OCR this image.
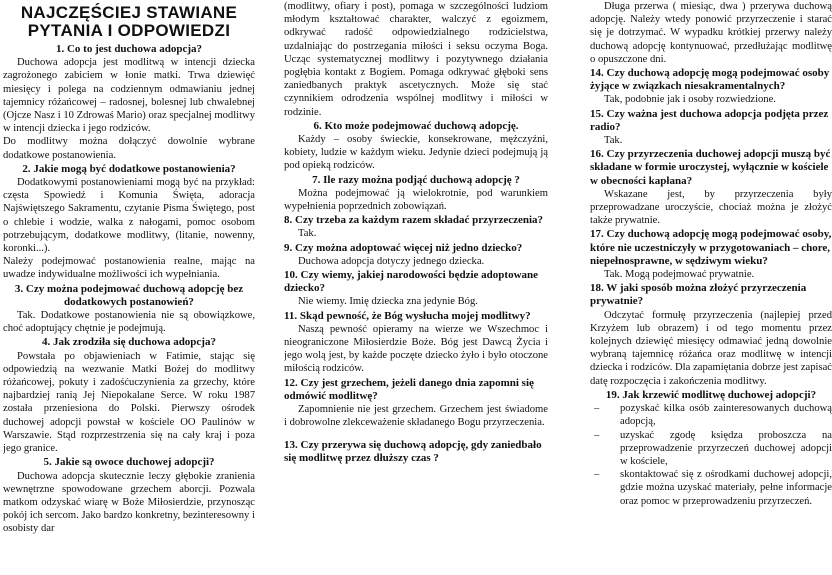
NAJCZĘŚCIEJ STAWIANE
PYTANIA I ODPOWIEDZI

1. Co to jest duchowa adopcja?

Duchowa adopcja jest modlitwą w intencji dziecka zagrożonego zabiciem w łonie matki. Trwa dziewięć miesięcy i polega na codziennym odmawianiu jednej tajemnicy różańcowej – radosnej, bolesnej lub chwalebnej (Ojcze Nasz i 10 Zdrowaś Mario) oraz specjalnej modlitwy w intencji dziecka i jego rodziców.

Do modlitwy można dołączyć dowolnie wybrane dodatkowe postanowienia.

2. Jakie mogą być dodatkowe postanowienia?

Dodatkowymi postanowieniami mogą być na przykład: częsta Spowiedź i Komunia Święta, adoracja Najświętszego Sakramentu, czytanie Pisma Świętego, post o chlebie i wodzie, walka z nałogami, pomoc osobom potrzebującym, dodatkowe modlitwy, (litanie, nowenny, koronki...).

Należy podejmować postanowienia realne, mając na uwadze indywidualne możliwości ich wypełniania.

3. Czy można podejmować duchową adopcję bez dodatkowych postanowień?

Tak. Dodatkowe postanowienia nie są obowiązkowe, choć adoptujący chętnie je podejmują.

4. Jak zrodziła się duchowa adopcja?

Powstała po objawieniach w Fatimie, stając się odpowiedzią na wezwanie Matki Bożej do modlitwy różańcowej, pokuty i zadośćuczynienia za grzechy, które najbardziej ranią Jej Niepokalane Serce. W roku 1987 została przeniesiona do Polski. Pierwszy ośrodek duchowej adopcji powstał w kościele OO Paulinów w Warszawie. Stąd rozprzestrzenia się na cały kraj i poza jego granice.

5. Jakie są owoce duchowej adopcji?

Duchowa adopcja skutecznie leczy głębokie zranienia wewnętrzne spowodowane grzechem aborcji. Pozwala matkom odzyskać wiarę w Boże Miłosierdzie, przynosząc pokój ich sercom. Jako bardzo konkretny, bezinteresowny i osobisty dar

(modlitwy, ofiary i post), pomaga w szczególności ludziom młodym kształtować charakter, walczyć z egoizmem, odkrywać radość odpowiedzialnego rodzicielstwa, uzdalniając do postrzegania miłości i seksu oczyma Boga. Ucząc systematycznej modlitwy i pozytywnego działania pogłębia kontakt z Bogiem. Pomaga odkrywać głęboki sens zaniedbanych praktyk ascetycznych. Może się stać czynnikiem odrodzenia wspólnej modlitwy i miłości w rodzinie.

6. Kto może podejmować duchową adopcję.

Każdy – osoby świeckie, konsekrowane, mężczyźni, kobiety, ludzie w każdym wieku. Jedynie dzieci podejmują ją pod opieką rodziców.

7. Ile razy można podjąć duchową adopcję ?

Można podejmować ją wielokrotnie, pod warunkiem wypełnienia poprzednich zobowiązań.

8. Czy trzeba za każdym razem składać przyrzeczenia?

Tak.

9. Czy można adoptować więcej niż jedno dziecko?

Duchowa adopcja dotyczy jednego dziecka.

10. Czy wiemy, jakiej narodowości będzie adoptowane dziecko?

Nie wiemy. Imię dziecka zna jedynie Bóg.

11. Skąd pewność, że Bóg wysłucha mojej modlitwy?

Naszą pewność opieramy na wierze we Wszechmoc i nieograniczone Miłosierdzie Boże. Bóg jest Dawcą Życia i jego wolą jest, by każde poczęte dziecko żyło i było otoczone miłością rodziców.

12. Czy jest grzechem, jeżeli danego dnia zapomni się odmówić modlitwę?

Zapomnienie nie jest grzechem. Grzechem jest świadome i dobrowolne zlekceważenie składanego Bogu przyrzeczenia.

13. Czy przerywa się duchową adopcję, gdy zaniedbało się modlitwę przez dłuższy czas ?

Długa przerwa ( miesiąc, dwa ) przerywa duchową adopcję. Należy wtedy ponowić przyrzeczenie i starać się je dotrzymać. W wypadku krótkiej przerwy należy duchową adopcję kontynuować, przedłużając modlitwę o opuszczone dni.

14. Czy duchową adopcję mogą podejmować osoby żyjące w związkach niesakramentalnych?

Tak, podobnie jak i osoby rozwiedzione.

15. Czy ważna jest duchowa adopcja podjęta przez radio?

Tak.

16. Czy przyrzeczenia duchowej adopcji muszą być składane w formie uroczystej, wyłącznie w kościele w obecności kapłana?

Wskazane jest, by przyrzeczenia były przeprowadzane uroczyście, chociaż można je złożyć także prywatnie.

17. Czy duchową adopcję mogą podejmować osoby, które nie uczestniczyły w przygotowaniach – chore, niepełnosprawne, w sędziwym wieku?

Tak. Mogą podejmować prywatnie.

18. W jaki sposób można złożyć przyrzeczenia prywatnie?

Odczytać formułę przyrzeczenia (najlepiej przed Krzyżem lub obrazem) i od tego momentu przez kolejnych dziewięć miesięcy odmawiać jedną dowolnie wybraną tajemnicę różańca oraz modlitwę w intencji dziecka i rodziców. Dla zapamiętania dobrze jest zapisać datę rozpoczęcia i zakończenia modlitwy.

19. Jak krzewić modlitwę duchowej adopcji?

– pozyskać kilka osób zainteresowanych duchową adopcją,
– uzyskać zgodę księdza proboszcza na przeprowadzenie przyrzeczeń duchowej adopcji w kościele,
– skontaktować się z ośrodkami duchowej adopcji, gdzie można uzyskać materiały, pełne informacje oraz pomoc w przeprowadzeniu przyrzeczeń.
